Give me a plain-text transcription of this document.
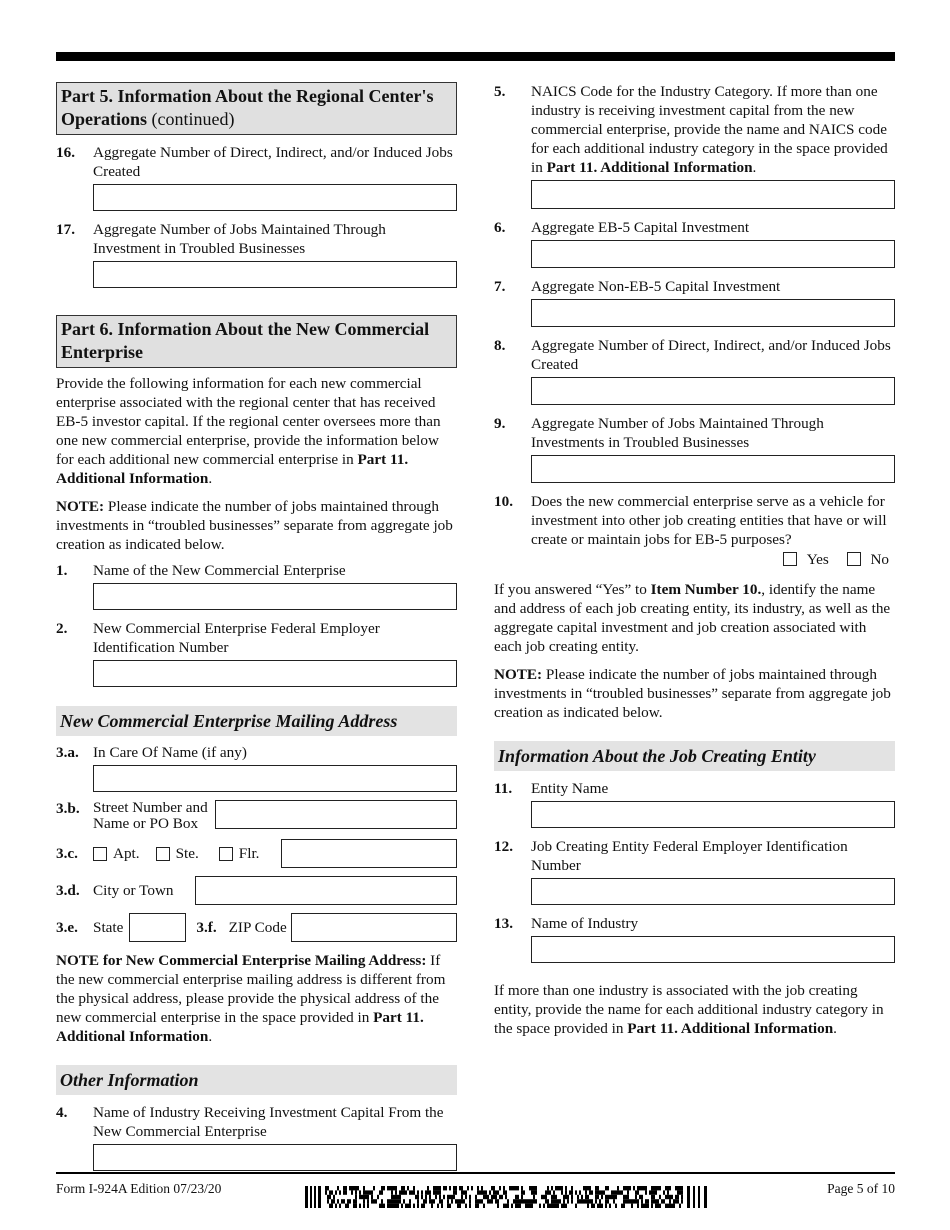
Part 5. Information About the Regional Center's Operations (continued)
16. Aggregate Number of Direct, Indirect, and/or Induced Jobs Created
17. Aggregate Number of Jobs Maintained Through Investment in Troubled Businesses
Part 6. Information About the New Commercial Enterprise
Provide the following information for each new commercial enterprise associated with the regional center that has received EB-5 investor capital. If the regional center oversees more than one new commercial enterprise, provide the information below for each additional new commercial enterprise in Part 11. Additional Information.
NOTE: Please indicate the number of jobs maintained through investments in “troubled businesses” separate from aggregate job creation as indicated below.
1. Name of the New Commercial Enterprise
2. New Commercial Enterprise Federal Employer Identification Number
New Commercial Enterprise Mailing Address
3.a. In Care Of Name (if any)
3.b. Street Number and Name or PO Box
3.c. Apt. Ste.	Flr.
3.d. City or Town
3.e. State	3.f. ZIP Code
NOTE for New Commercial Enterprise Mailing Address: If the new commercial enterprise mailing address is different from the physical address, please provide the physical address of the new commercial enterprise in the space provided in Part 11. Additional Information.
Other Information
4. Name of Industry Receiving Investment Capital From the New Commercial Enterprise
5. NAICS Code for the Industry Category. If more than one industry is receiving investment capital from the new commercial enterprise, provide the name and NAICS code for each additional industry category in the space provided in Part 11. Additional Information.
6. Aggregate EB-5 Capital Investment
7. Aggregate Non-EB-5 Capital Investment
8. Aggregate Number of Direct, Indirect, and/or Induced Jobs Created
9. Aggregate Number of Jobs Maintained Through Investments in Troubled Businesses
10. Does the new commercial enterprise serve as a vehicle for investment into other job creating entities that have or will create or maintain jobs for EB-5 purposes?
Yes	No
If you answered “Yes” to Item Number 10., identify the name and address of each job creating entity, its industry, as well as the aggregate capital investment and job creation associated with each job creating entity.
NOTE: Please indicate the number of jobs maintained through investments in “troubled businesses” separate from aggregate job creation as indicated below.
Information About the Job Creating Entity
11. Entity Name
12. Job Creating Entity Federal Employer Identification Number
13. Name of Industry
If more than one industry is associated with the job creating entity, provide the name for each additional industry category in the space provided in Part 11. Additional Information.
Form I-924A Edition 07/23/20	Page 5 of 10
